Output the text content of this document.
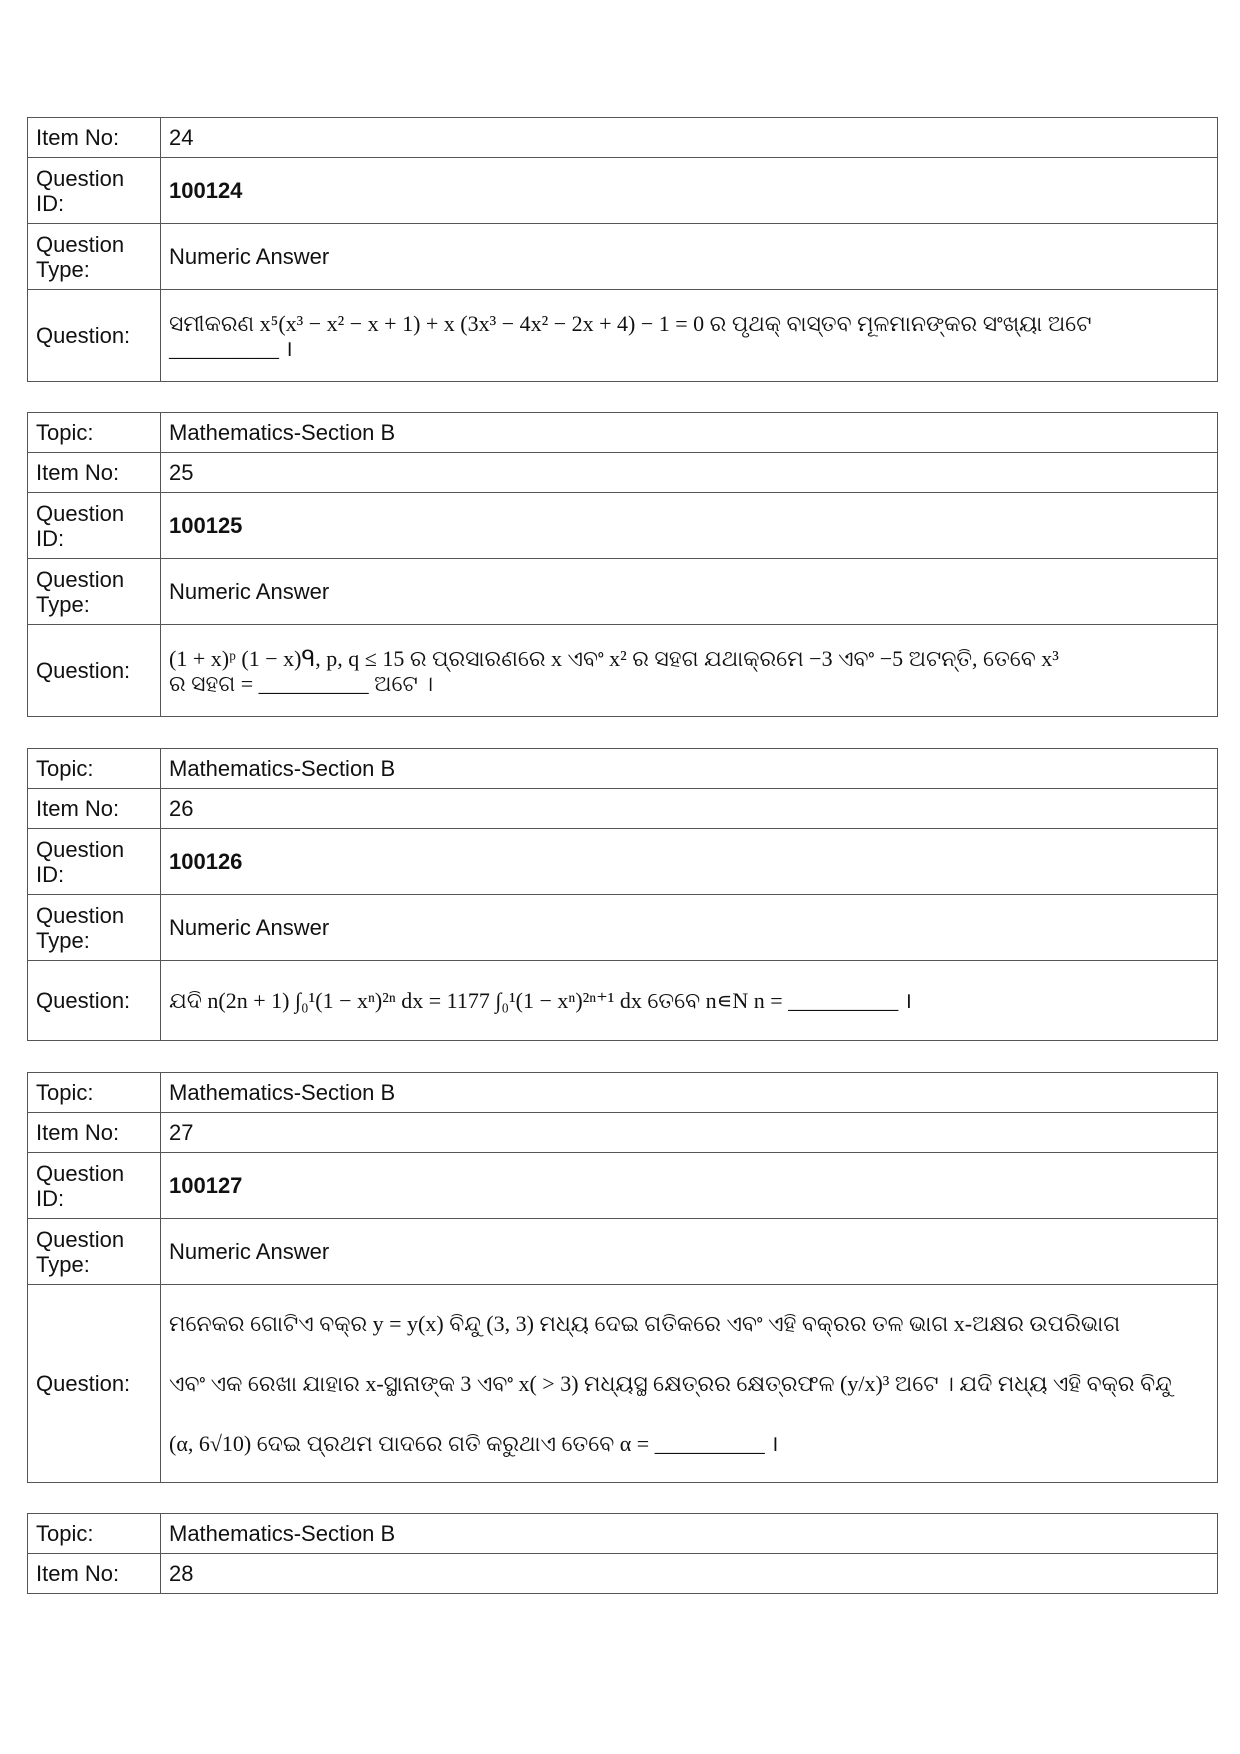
Item No:	24
Question ID:	100124
Question Type:	Numeric Answer
Question:	ସମୀକରଣ x⁵(x³ − x² − x + 1) + x (3x³ − 4x² − 2x + 4) − 1 = 0 ର ପୃଥକ୍ ବାସ୍ତବ ମୂଳମାନଙ୍କର ସଂଖ୍ୟା ଅଟେ
__________ ।
Topic:	Mathematics-Section B
Item No:	25
Question ID:	100125
Question Type:	Numeric Answer
Question:	(1 + x)ᵖ (1 − x)ᑫ, p, q ≤ 15 ର ପ୍ରସାରଣରେ x ଏବଂ x² ର ସହଗ ଯଥାକ୍ରମେ −3 ଏବଂ −5 ଅଟନ୍ତି, ତେବେ x³
ର ସହଗ = __________ ଅଟେ ।
Topic:	Mathematics-Section B
Item No:	26
Question ID:	100126
Question Type:	Numeric Answer
Question:	ଯଦି n(2n + 1) ∫₀¹(1 − xⁿ)²ⁿ dx = 1177 ∫₀¹(1 − xⁿ)²ⁿ⁺¹ dx ତେବେ n∊N n = __________ ।
Topic:	Mathematics-Section B
Item No:	27
Question ID:	100127
Question Type:	Numeric Answer
Question:	ମନେକର ଗୋଟିଏ ବକ୍ର y = y(x) ବିନ୍ଦୁ (3, 3) ମଧ୍ୟ ଦେଇ ଗତିକରେ ଏବଂ ଏହି ବକ୍ରର ତଳ ଭାଗ x-ଅକ୍ଷର ଉପରିଭାଗ
ଏବଂ ଏକ ରେଖା ଯାହାର x-ସ୍ଥାନାଙ୍କ 3 ଏବଂ x( > 3) ମଧ୍ୟସ୍ଥ କ୍ଷେତ୍ରର କ୍ଷେତ୍ରଫଳ (y/x)³ ଅଟେ । ଯଦି ମଧ୍ୟ ଏହି ବକ୍ର ବିନ୍ଦୁ
(α, 6√10) ଦେଇ ପ୍ରଥମ ପାଦରେ ଗତି କରୁଥାଏ ତେବେ α = __________ ।
Topic:	Mathematics-Section B
Item No:	28
